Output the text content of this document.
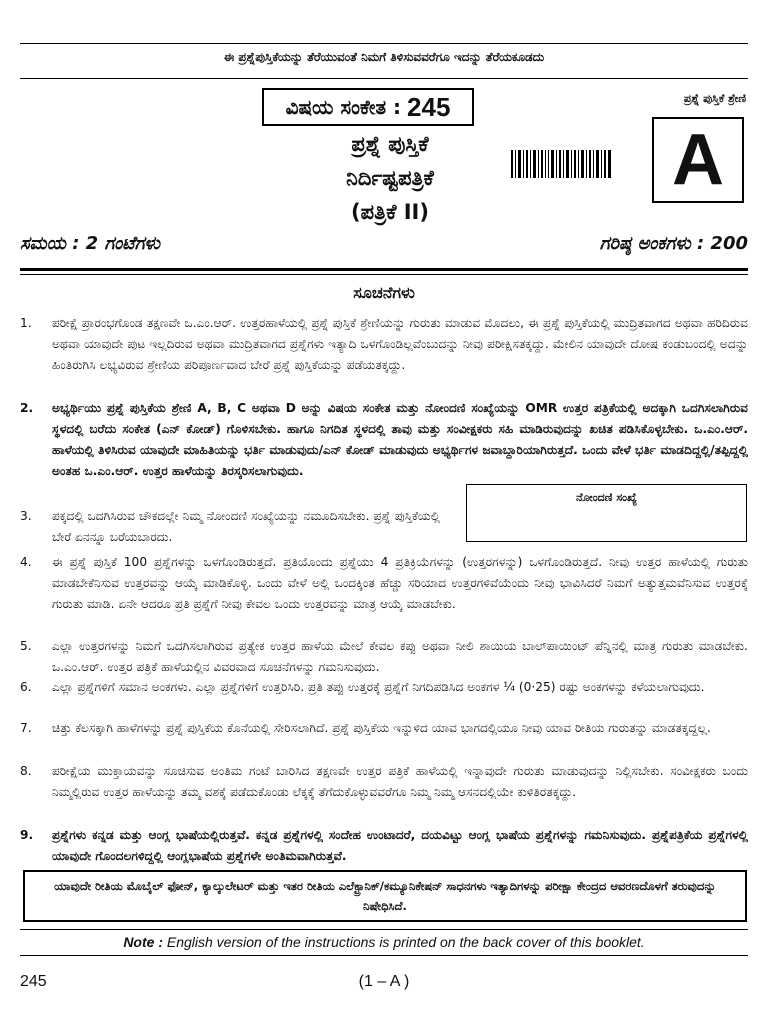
ಈ ಪ್ರಶ್ನೆಪುಸ್ತಿಕೆಯನ್ನು ತೆರೆಯುವಂತೆ ನಿಮಗೆ ತಿಳಿಸುವವರೆಗೂ ಇದನ್ನು ತೆರೆಯಕೂಡದು
ವಿಷಯ ಸಂಕೇತ : 245
ಪ್ರಶ್ನೆ ಪುಸ್ತಿಕೆ
ನಿರ್ದಿಷ್ಟಪತ್ರಿಕೆ
(ಪತ್ರಿಕೆ II)
ಪ್ರಶ್ನೆ ಪುಸ್ತಿಕೆ ಶ್ರೇಣಿ
A
ಸಮಯ : 2 ಗಂಟೆಗಳು	ಗರಿಷ್ಠ ಅಂಕಗಳು : 200
ಸೂಚನೆಗಳು
1.	ಪರೀಕ್ಷೆ ಪ್ರಾರಂಭಗೊಂಡ ತಕ್ಷಣವೇ ಒ.ಎಂ.ಆರ್. ಉತ್ತರಹಾಳೆಯಲ್ಲಿ ಪ್ರಶ್ನೆ ಪುಸ್ತಿಕೆ ಶ್ರೇಣಿಯನ್ನು ಗುರುತು ಮಾಡುವ ಮೊದಲು, ಈ ಪ್ರಶ್ನೆ ಪುಸ್ತಿಕೆಯಲ್ಲಿ ಮುದ್ರಿತವಾಗದ ಅಥವಾ ಹರಿದಿರುವ ಅಥವಾ ಯಾವುದೇ ಪುಟ ಇಲ್ಲದಿರುವ ಅಥವಾ ಮುದ್ರಿತವಾಗದ ಪ್ರಶ್ನೆಗಳು ಇತ್ಯಾದಿ ಒಳಗೊಂಡಿಲ್ಲವೆಂಬುದನ್ನು ನೀವು ಪರೀಕ್ಷಿಸತಕ್ಕದ್ದು. ಮೇಲಿನ ಯಾವುದೇ ದೋಷ ಕಂಡುಬಂದಲ್ಲಿ ಅದನ್ನು ಹಿಂತಿರುಗಿಸಿ ಲಭ್ಯವಿರುವ ಶ್ರೇಣಿಯ ಪರಿಪೂರ್ಣವಾದ ಬೇರೆ ಪ್ರಶ್ನೆ ಪುಸ್ತಿಕೆಯನ್ನು ಪಡೆಯತಕ್ಕದ್ದು.
2.	ಅಭ್ಯರ್ಥಿಯು ಪ್ರಶ್ನೆ ಪುಸ್ತಿಕೆಯ ಶ್ರೇಣಿ A, B, C ಅಥವಾ D ಅನ್ನು ವಿಷಯ ಸಂಕೇತ ಮತ್ತು ನೋಂದಣಿ ಸಂಖ್ಯೆಯನ್ನು OMR ಉತ್ತರ ಪತ್ರಿಕೆಯಲ್ಲಿ ಅದಕ್ಕಾಗಿ ಒದಗಿಸಲಾಗಿರುವ ಸ್ಥಳದಲ್ಲಿ ಬರೆದು ಸಂಕೇತ (ಎನ್ ಕೋಡ್) ಗೊಳಿಸಬೇಕು. ಹಾಗೂ ನಿಗದಿತ ಸ್ಥಳದಲ್ಲಿ ತಾವು ಮತ್ತು ಸಂವೀಕ್ಷಕರು ಸಹಿ ಮಾಡಿರುವುದನ್ನು ಖಚಿತ ಪಡಿಸಿಕೊಳ್ಳಬೇಕು. ಒ.ಎಂ.ಆರ್. ಹಾಳೆಯಲ್ಲಿ ತಿಳಿಸಿರುವ ಯಾವುದೇ ಮಾಹಿತಿಯನ್ನು ಭರ್ತಿ ಮಾಡುವುದು/ಎನ್ ಕೋಡ್ ಮಾಡುವುದು ಅಭ್ಯರ್ಥಿಗಳ ಜವಾಬ್ದಾರಿಯಾಗಿರುತ್ತದೆ. ಒಂದು ವೇಳೆ ಭರ್ತಿ ಮಾಡದಿದ್ದಲ್ಲಿ/ತಪ್ಪಿದ್ದಲ್ಲಿ ಅಂತಹ ಒ.ಎಂ.ಆರ್. ಉತ್ತರ ಹಾಳೆಯನ್ನು ತಿರಸ್ಕರಿಸಲಾಗುವುದು.
3.	ಪಕ್ಕದಲ್ಲಿ ಒದಗಿಸಿರುವ ಚೌಕದಲ್ಲೇ ನಿಮ್ಮ ನೋಂದಣಿ ಸಂಖ್ಯೆಯನ್ನು ನಮೂದಿಸಬೇಕು. ಪ್ರಶ್ನೆ ಪುಸ್ತಿಕೆಯಲ್ಲಿ ಬೇರೆ ಏನನ್ನೂ ಬರೆಯಬಾರದು.
ನೋಂದಣಿ ಸಂಖ್ಯೆ
4.	ಈ ಪ್ರಶ್ನೆ ಪುಸ್ತಿಕೆ 100 ಪ್ರಶ್ನೆಗಳನ್ನು ಒಳಗೊಂಡಿರುತ್ತದೆ. ಪ್ರತಿಯೊಂದು ಪ್ರಶ್ನೆಯು 4 ಪ್ರತಿಕ್ರಿಯೆಗಳನ್ನು (ಉತ್ತರಗಳನ್ನು) ಒಳಗೊಂಡಿರುತ್ತದೆ. ನೀವು ಉತ್ತರ ಹಾಳೆಯಲ್ಲಿ ಗುರುತು ಮಾಡಬೇಕೆನಿಸುವ ಉತ್ತರವನ್ನು ಆಯ್ಕೆ ಮಾಡಿಕೊಳ್ಳಿ. ಒಂದು ವೇಳೆ ಅಲ್ಲಿ ಒಂದಕ್ಕಿಂತ ಹೆಚ್ಚು ಸರಿಯಾದ ಉತ್ತರಗಳಿವೆಯೆಂದು ನೀವು ಭಾವಿಸಿದರೆ ನಿಮಗೆ ಅತ್ಯುತ್ತಮವೆನಿಸುವ ಉತ್ತರಕ್ಕೆ ಗುರುತು ಮಾಡಿ. ಏನೇ ಆದರೂ ಪ್ರತಿ ಪ್ರಶ್ನೆಗೆ ನೀವು ಕೇವಲ ಒಂದು ಉತ್ತರವನ್ನು ಮಾತ್ರ ಆಯ್ಕೆ ಮಾಡಬೇಕು.
5.	ಎಲ್ಲಾ ಉತ್ತರಗಳನ್ನು ನಿಮಗೆ ಒದಗಿಸಲಾಗಿರುವ ಪ್ರತ್ಯೇಕ ಉತ್ತರ ಹಾಳೆಯ ಮೇಲೆ ಕೇವಲ ಕಪ್ಪು ಅಥವಾ ನೀಲಿ ಶಾಯಿಯ ಬಾಲ್‌ಪಾಯಿಂಟ್ ಪೆನ್ನಿನಲ್ಲಿ ಮಾತ್ರ ಗುರುತು ಮಾಡಬೇಕು. ಒ.ಎಂ.ಆರ್. ಉತ್ತರ ಪತ್ರಿಕೆ ಹಾಳೆಯಲ್ಲಿನ ವಿವರವಾದ ಸೂಚನೆಗಳನ್ನು ಗಮನಿಸುವುದು.
6.	ಎಲ್ಲಾ ಪ್ರಶ್ನೆಗಳಿಗೆ ಸಮಾನ ಅಂಕಗಳು. ಎಲ್ಲಾ ಪ್ರಶ್ನೆಗಳಿಗೆ ಉತ್ತರಿಸಿರಿ. ಪ್ರತಿ ತಪ್ಪು ಉತ್ತರಕ್ಕೆ ಪ್ರಶ್ನೆಗೆ ನಿಗದಿಪಡಿಸಿದ ಅಂಕಗಳ ¼ (0·25) ರಷ್ಟು ಅಂಕಗಳನ್ನು ಕಳೆಯಲಾಗುವುದು.
7.	ಚಿತ್ತು ಕೆಲಸಕ್ಕಾಗಿ ಹಾಳೆಗಳನ್ನು ಪ್ರಶ್ನೆ ಪುಸ್ತಿಕೆಯ ಕೊನೆಯಲ್ಲಿ ಸೇರಿಸಲಾಗಿದೆ. ಪ್ರಶ್ನೆ ಪುಸ್ತಿಕೆಯ ಇನ್ನುಳಿದ ಯಾವ ಭಾಗದಲ್ಲಿಯೂ ನೀವು ಯಾವ ರೀತಿಯ ಗುರುತನ್ನು ಮಾಡತಕ್ಕದ್ದಲ್ಲ.
8.	ಪರೀಕ್ಷೆಯ ಮುಕ್ತಾಯವನ್ನು ಸೂಚಿಸುವ ಅಂತಿಮ ಗಂಟೆ ಬಾರಿಸಿದ ತಕ್ಷಣವೇ ಉತ್ತರ ಪತ್ರಿಕೆ ಹಾಳೆಯಲ್ಲಿ ಇನ್ನಾವುದೇ ಗುರುತು ಮಾಡುವುದನ್ನು ನಿಲ್ಲಿಸಬೇಕು. ಸಂವೀಕ್ಷಕರು ಬಂದು ನಿಮ್ಮಲ್ಲಿರುವ ಉತ್ತರ ಹಾಳೆಯನ್ನು ತಮ್ಮ ವಶಕ್ಕೆ ಪಡೆದುಕೊಂಡು ಲೆಕ್ಕಕ್ಕೆ ತೆಗೆದುಕೊಳ್ಳುವವರೆಗೂ ನಿಮ್ಮ ನಿಮ್ಮ ಆಸನದಲ್ಲಿಯೇ ಕುಳಿತಿರತಕ್ಕದ್ದು.
9.	ಪ್ರಶ್ನೆಗಳು ಕನ್ನಡ ಮತ್ತು ಆಂಗ್ಲ ಭಾಷೆಯಲ್ಲಿರುತ್ತವೆ. ಕನ್ನಡ ಪ್ರಶ್ನೆಗಳಲ್ಲಿ ಸಂದೇಹ ಉಂಟಾದರೆ, ದಯವಿಟ್ಟು ಆಂಗ್ಲ ಭಾಷೆಯ ಪ್ರಶ್ನೆಗಳನ್ನು ಗಮನಿಸುವುದು. ಪ್ರಶ್ನೆಪತ್ರಿಕೆಯ ಪ್ರಶ್ನೆಗಳಲ್ಲಿ ಯಾವುದೇ ಗೊಂದಲಗಳಿದ್ದಲ್ಲಿ ಆಂಗ್ಲಭಾಷೆಯ ಪ್ರಶ್ನೆಗಳೇ ಅಂತಿಮವಾಗಿರುತ್ತವೆ.
ಯಾವುದೇ ರೀತಿಯ ಮೊಬೈಲ್ ಫೋನ್, ಕ್ಯಾಲ್ಕುಲೇಟರ್ ಮತ್ತು ಇತರ ರೀತಿಯ ಎಲೆಕ್ಟ್ರಾನಿಕ್/ಕಮ್ಯೂನಿಕೇಷನ್ ಸಾಧನಗಳು ಇತ್ಯಾದಿಗಳನ್ನು ಪರೀಕ್ಷಾ ಕೇಂದ್ರದ ಆವರಣದೊಳಗೆ ತರುವುದನ್ನು ನಿಷೇಧಿಸಿದೆ.
Note : English version of the instructions is printed on the back cover of this booklet.
245	(1 – A )
